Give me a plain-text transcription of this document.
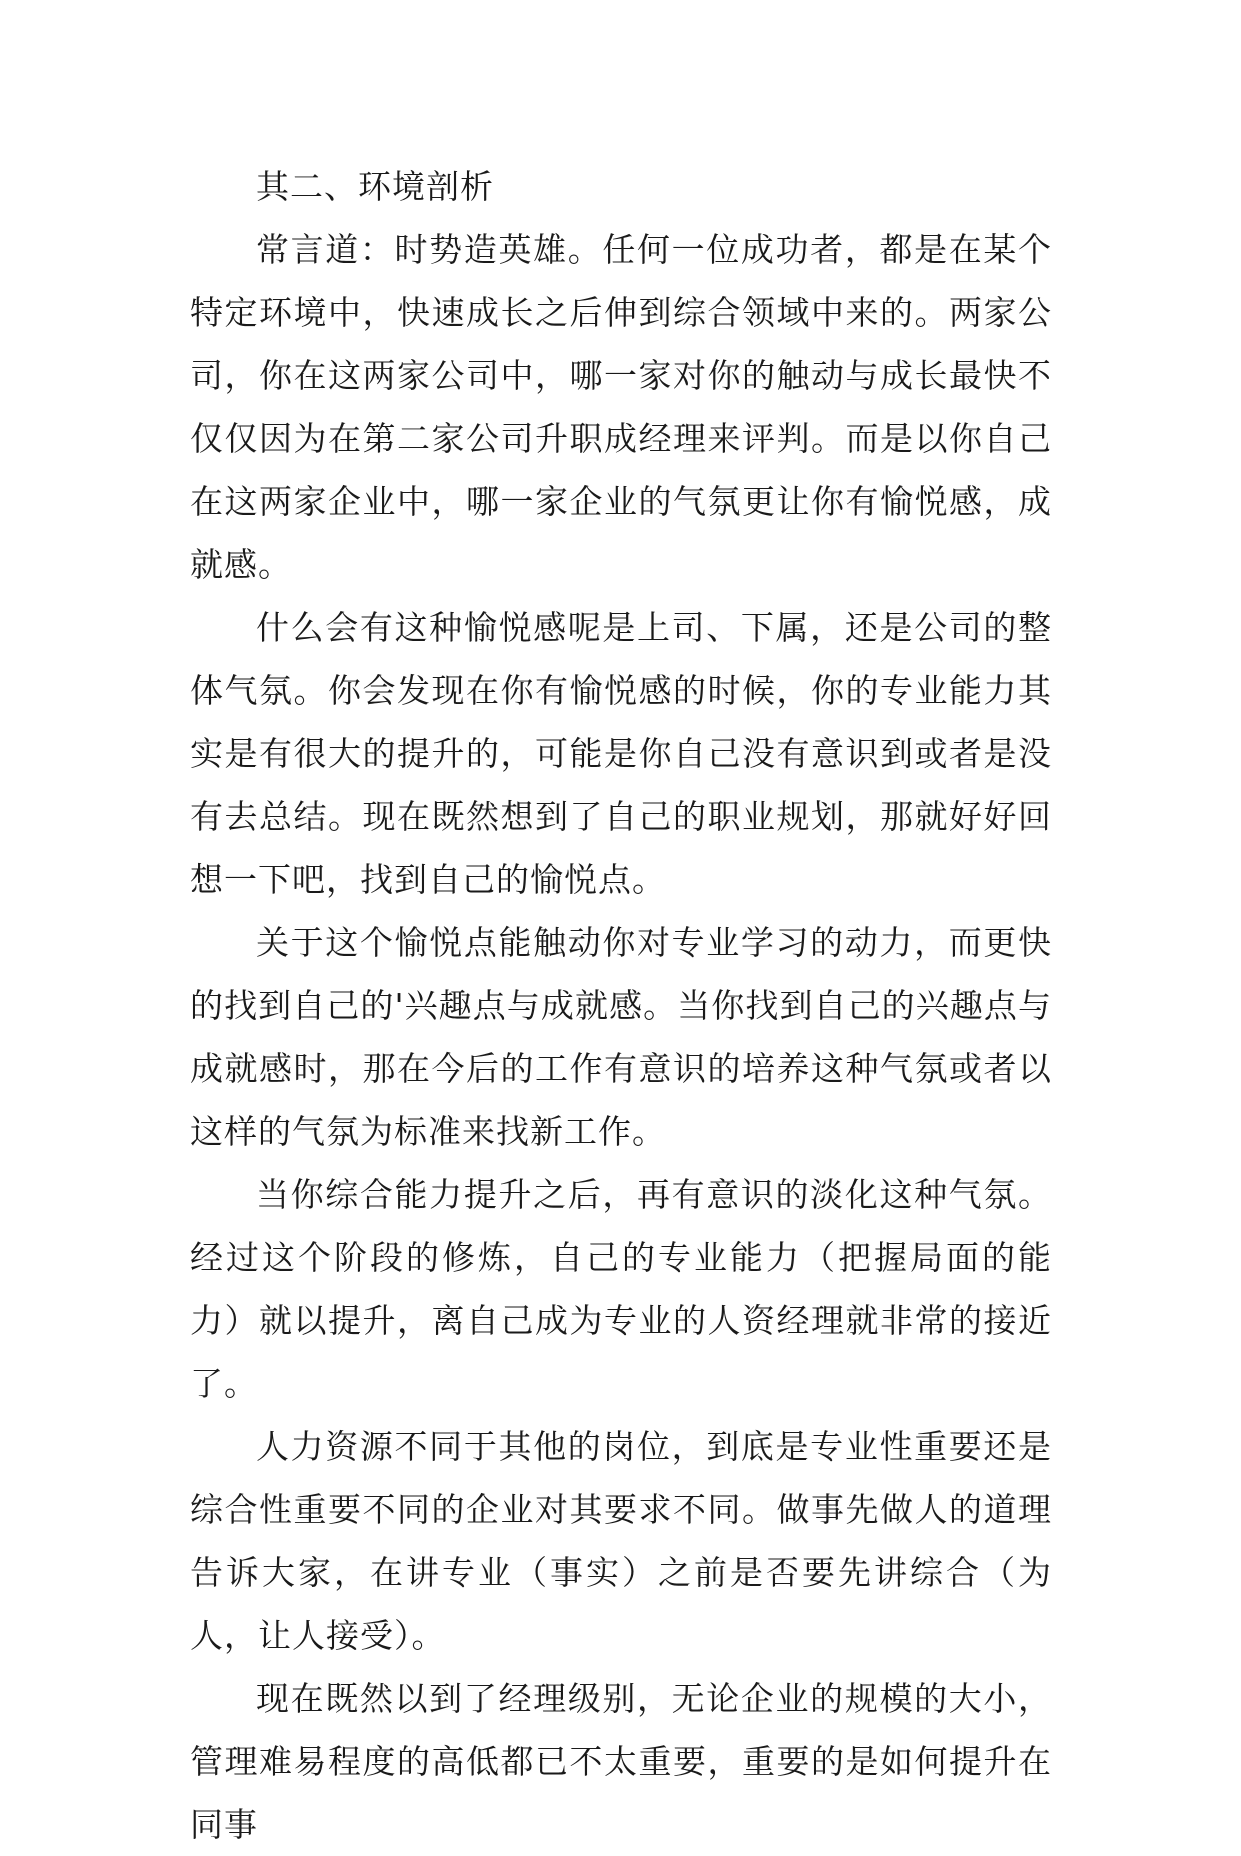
其二、环境剖析

常言道：时势造英雄。任何一位成功者，都是在某个特定环境中，快速成长之后伸到综合领域中来的。两家公司，你在这两家公司中，哪一家对你的触动与成长最快不仅仅因为在第二家公司升职成经理来评判。而是以你自己在这两家企业中，哪一家企业的气氛更让你有愉悦感，成就感。

什么会有这种愉悦感呢是上司、下属，还是公司的整体气氛。你会发现在你有愉悦感的时候，你的专业能力其实是有很大的提升的，可能是你自己没有意识到或者是没有去总结。现在既然想到了自己的职业规划，那就好好回想一下吧，找到自己的愉悦点。

关于这个愉悦点能触动你对专业学习的动力，而更快的找到自己的'兴趣点与成就感。当你找到自己的兴趣点与成就感时，那在今后的工作有意识的培养这种气氛或者以这样的气氛为标准来找新工作。

当你综合能力提升之后，再有意识的淡化这种气氛。经过这个阶段的修炼，自己的专业能力（把握局面的能力）就以提升，离自己成为专业的人资经理就非常的接近了。

人力资源不同于其他的岗位，到底是专业性重要还是综合性重要不同的企业对其要求不同。做事先做人的道理告诉大家，在讲专业（事实）之前是否要先讲综合（为人，让人接受）。

现在既然以到了经理级别，无论企业的规模的大小，管理难易程度的高低都已不太重要，重要的是如何提升在同事
